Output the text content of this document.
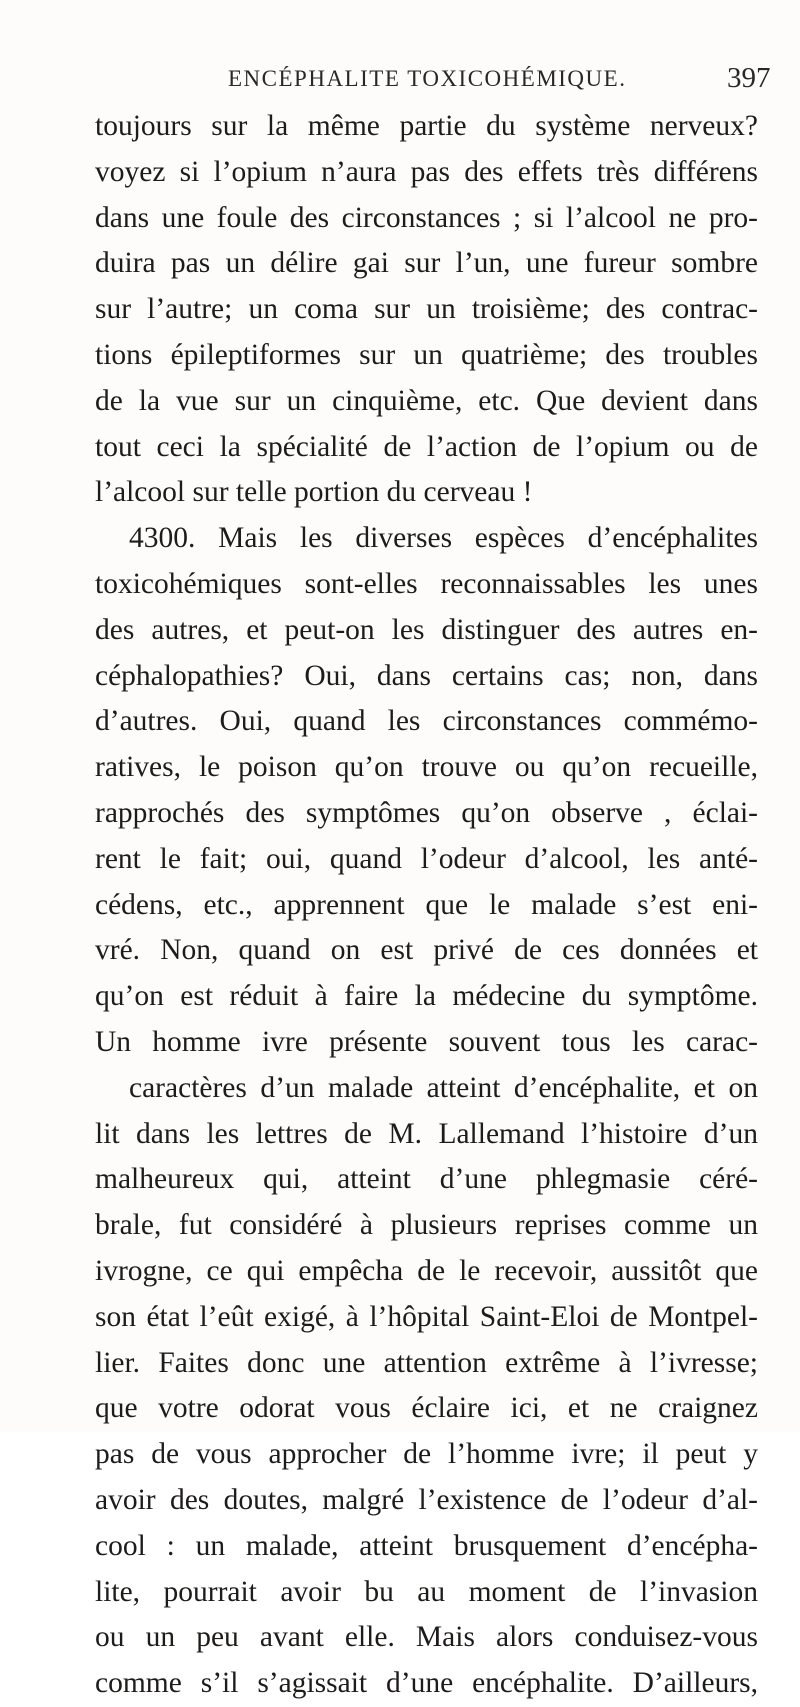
ENCÉPHALITE TOXICOHÉMIQUE.	397
toujours sur la même partie du système nerveux?
voyez si l’opium n’aura pas des effets très différens
dans une foule des circonstances ; si l’alcool ne pro-
duira pas un délire gai sur l’un, une fureur sombre
sur l’autre; un coma sur un troisième; des contrac-
tions épileptiformes sur un quatrième; des troubles
de la vue sur un cinquième, etc. Que devient dans
tout ceci la spécialité de l’action de l’opium ou de
l’alcool sur telle portion du cerveau !
4300. Mais les diverses espèces d’encéphalites
toxicohémiques sont-elles reconnaissables les unes
des autres, et peut-on les distinguer des autres en-
céphalopathies? Oui, dans certains cas; non, dans
d’autres. Oui, quand les circonstances commémo-
ratives, le poison qu’on trouve ou qu’on recueille,
rapprochés des symptômes qu’on observe , éclai-
rent le fait; oui, quand l’odeur d’alcool, les anté-
cédens, etc., apprennent que le malade s’est eni-
vré. Non, quand on est privé de ces données et
qu’on est réduit à faire la médecine du symptôme.
Un homme ivre présente souvent tous les carac-
caractères d’un malade atteint d’encéphalite, et on
lit dans les lettres de M. Lallemand l’histoire d’un
malheureux qui, atteint d’une phlegmasie céré-
brale, fut considéré à plusieurs reprises comme un
ivrogne, ce qui empêcha de le recevoir, aussitôt que
son état l’eût exigé, à l’hôpital Saint-Eloi de Montpel-
lier. Faites donc une attention extrême à l’ivresse;
que votre odorat vous éclaire ici, et ne craignez
pas de vous approcher de l’homme ivre; il peut y
avoir des doutes, malgré l’existence de l’odeur d’al-
cool : un malade, atteint brusquement d’encépha-
lite, pourrait avoir bu au moment de l’invasion
ou un peu avant elle. Mais alors conduisez-vous
comme s’il s’agissait d’une encéphalite. D’ailleurs,
